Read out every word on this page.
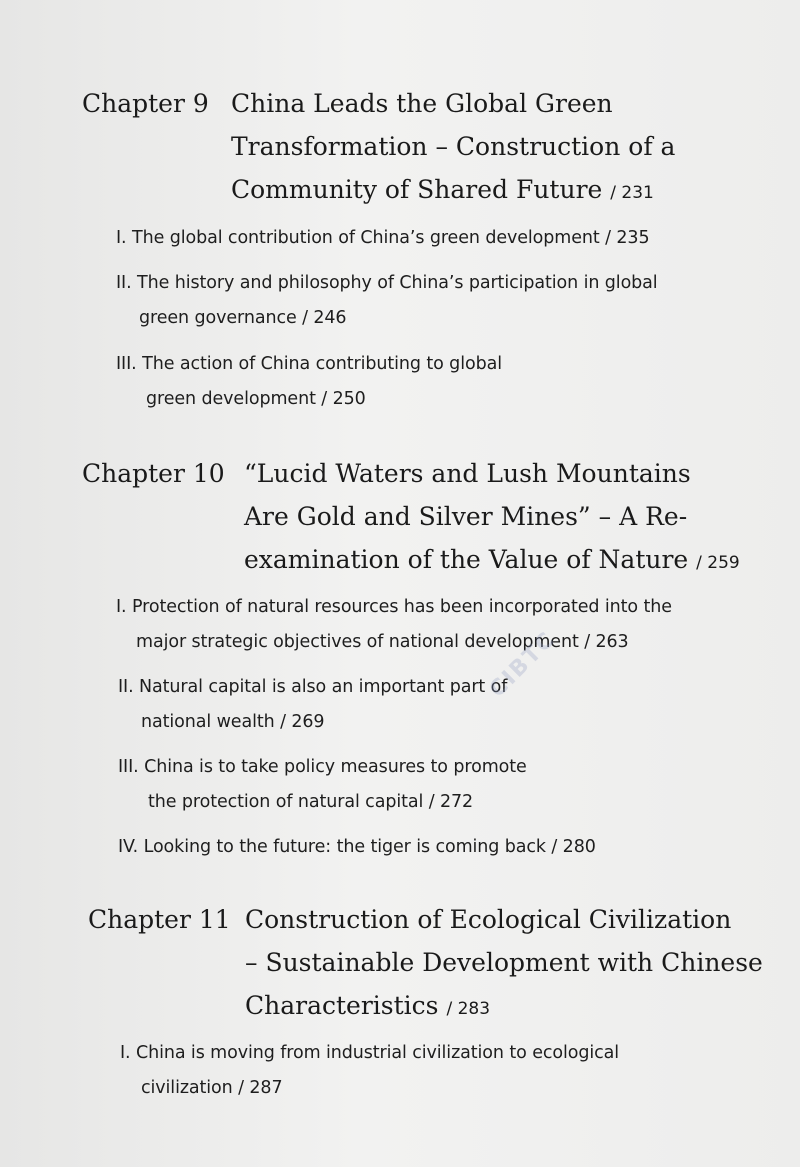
Chapter 9 China Leads the Global Green
Transformation – Construction of a
Community of Shared Future / 231
I. The global contribution of China’s green development / 235
II. The history and philosophy of China’s participation in global
green governance / 246
III. The action of China contributing to global
green development / 250
Chapter 10 “Lucid Waters and Lush Mountains
Are Gold and Silver Mines” – A Re-
examination of the Value of Nature / 259
I. Protection of natural resources has been incorporated into the
major strategic objectives of national development / 263
II. Natural capital is also an important part of
national wealth / 269
III. China is to take policy measures to promote
the protection of natural capital / 272
IV. Looking to the future: the tiger is coming back / 280
Chapter 11 Construction of Ecological Civilization
– Sustainable Development with Chinese
Characteristics / 283
I. China is moving from industrial civilization to ecological
civilization / 287
CIBTC
